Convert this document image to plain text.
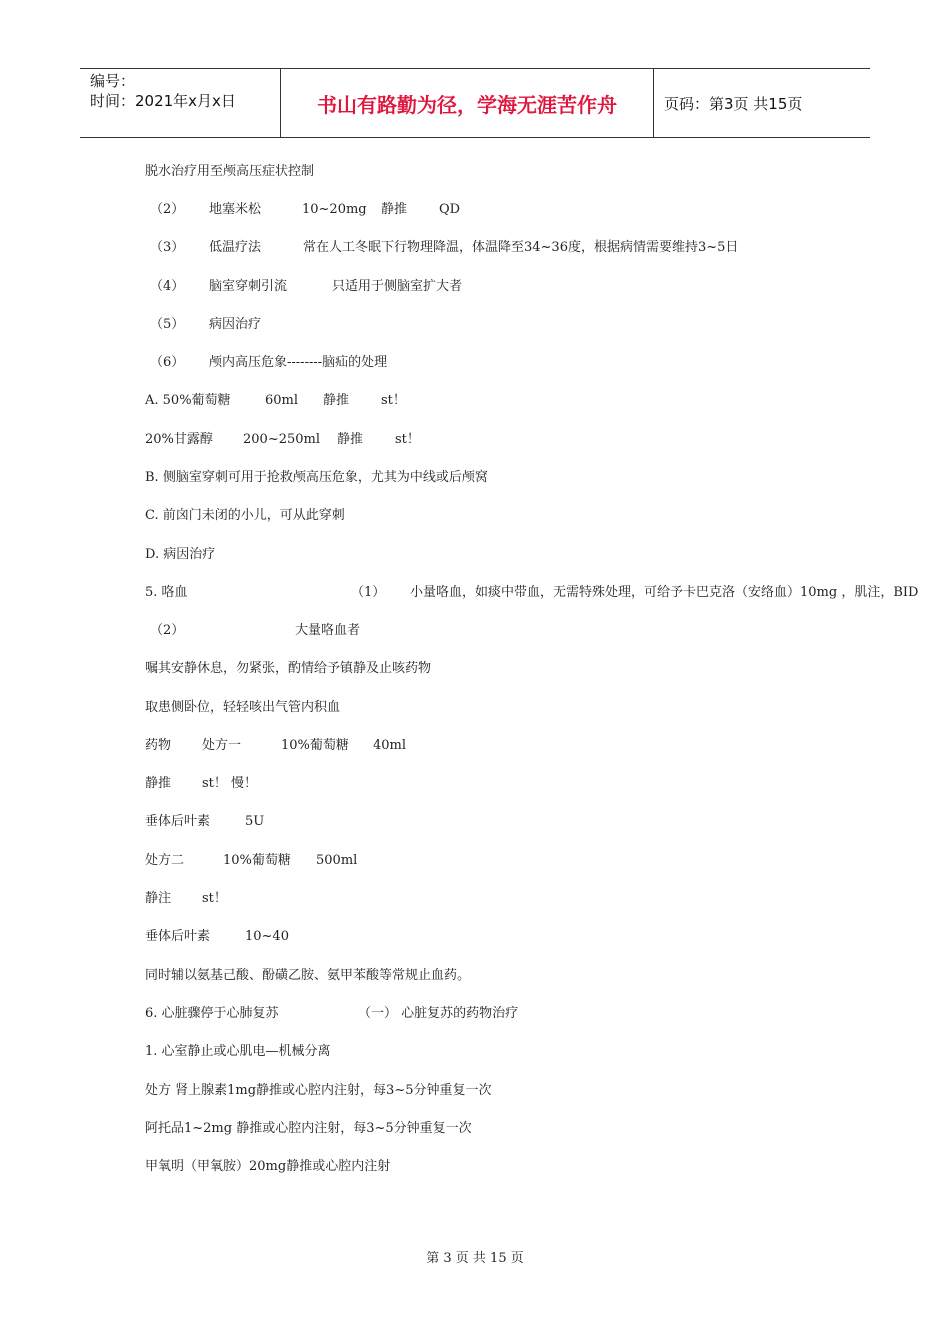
编号：
时间：2021年x月x日	书山有路勤为径，学海无涯苦作舟	页码：第3页 共15页
脱水治疗用至颅高压症状控制
（2） 地塞米松	10~20mg 静推 QD
（3） 低温疗法	常在人工冬眠下行物理降温，体温降至34~36度，根据病情需要维持3~5日
（4） 脑室穿刺引流	只适用于侧脑室扩大者
（5） 病因治疗
（6） 颅内高压危象--------脑疝的处理
A. 50%葡萄糖	60ml 静推 st！
20%甘露醇 200~250ml 静推 st！
B. 侧脑室穿刺可用于抢救颅高压危象，尤其为中线或后颅窝
C. 前囟门未闭的小儿，可从此穿刺
D. 病因治疗
5. 咯血	（1） 小量咯血，如痰中带血，无需特殊处理，可给予卡巴克洛（安络血）10mg ，肌注，BID
（2）	大量咯血者
嘱其安静休息，勿紧张，酌情给予镇静及止咳药物
取患侧卧位，轻轻咳出气管内积血
药物 处方一	10%葡萄糖 40ml
静推 st！ 慢！
垂体后叶素	5U
处方二	10%葡萄糖 500ml
静注 st！
垂体后叶素	10~40
同时辅以氨基己酸、酚磺乙胺、氨甲苯酸等常规止血药。
6. 心脏骤停于心肺复苏	（一） 心脏复苏的药物治疗
1. 心室静止或心肌电—机械分离
处方 肾上腺素1mg静推或心腔内注射，每3~5分钟重复一次
阿托品1~2mg 静推或心腔内注射，每3~5分钟重复一次
甲氧明（甲氧胺）20mg静推或心腔内注射
第 3 页 共 15 页
